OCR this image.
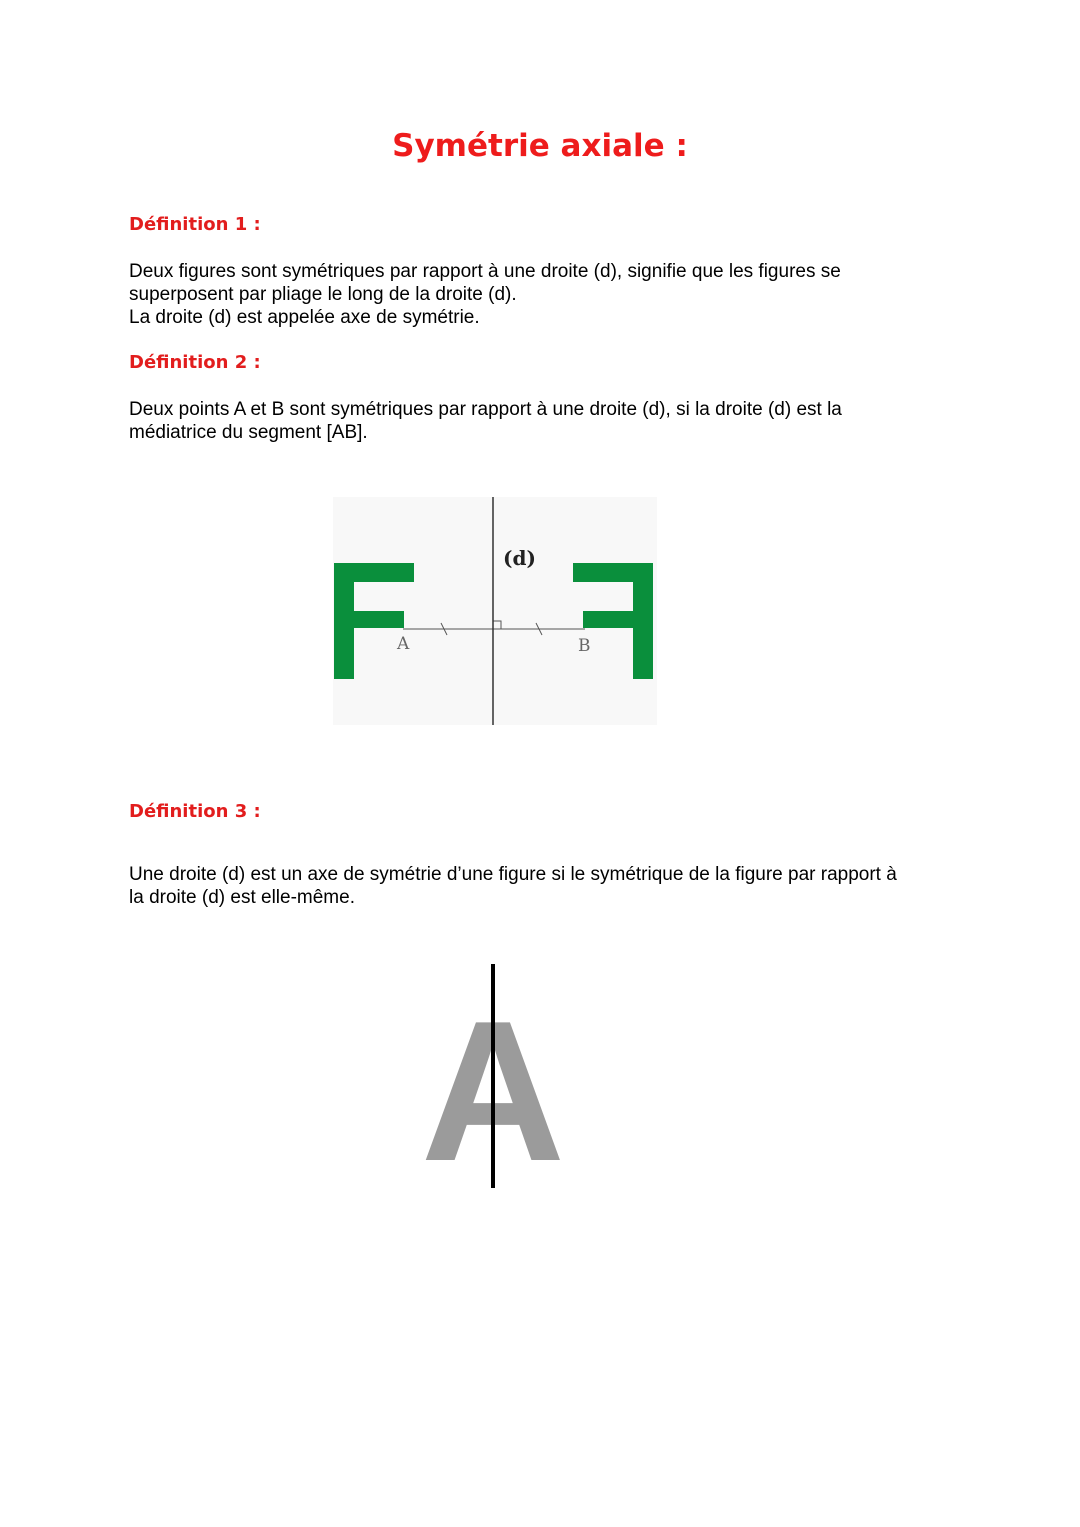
Symétrie axiale :
Définition 1 :

Deux figures sont symétriques par rapport à une droite (d), signifie que les figures se
superposent par pliage le long de la droite (d).
La droite (d) est appelée axe de symétrie.

Définition 2 :

Deux points A et B sont symétriques par rapport à une droite (d), si la droite (d) est la
médiatrice du segment [AB].

(d)
A	B
Définition 3 :

Une droite (d) est un axe de symétrie d’une figure si le symétrique de la figure par rapport à
la droite (d) est elle-même.

A
